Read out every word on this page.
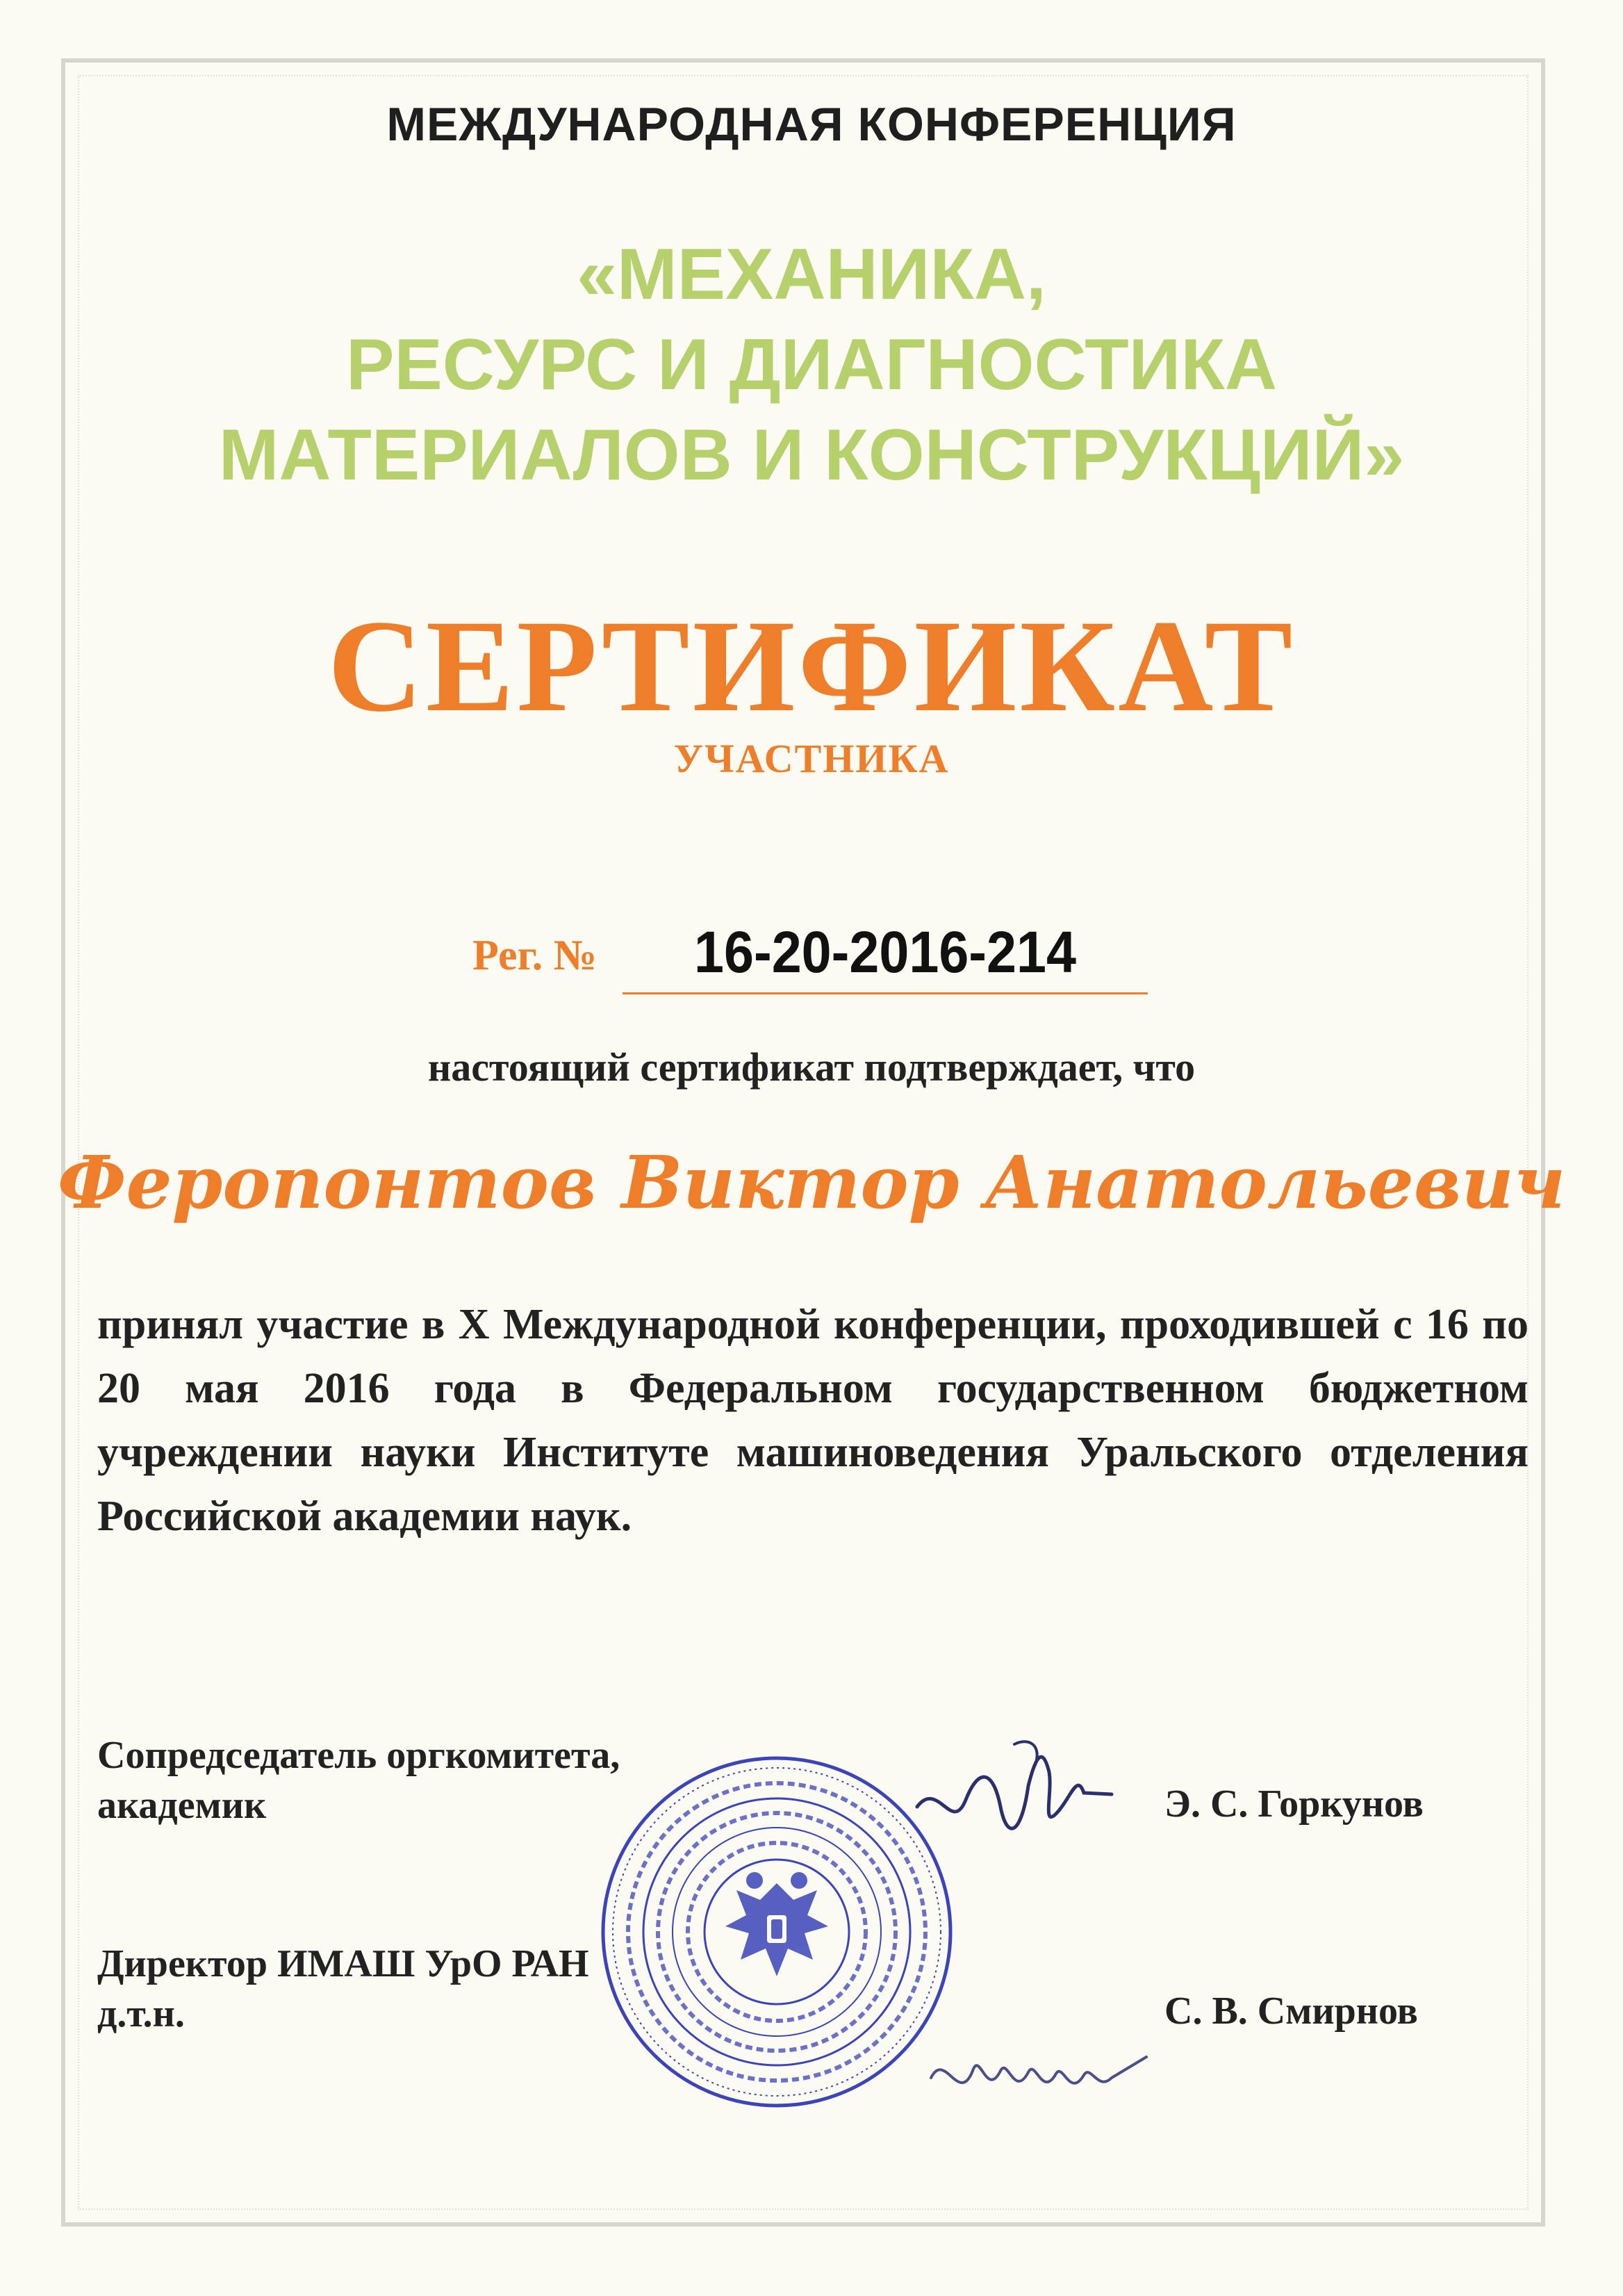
МЕЖДУНАРОДНАЯ КОНФЕРЕНЦИЯ
«МЕХАНИКА,
РЕСУРС И ДИАГНОСТИКА
МАТЕРИАЛОВ И КОНСТРУКЦИЙ»
СЕРТИФИКАТ
УЧАСТНИКА
Рег. №	16-20-2016-214
настоящий сертификат подтверждает, что
Феропонтов Виктор Анатольевич
принял участие в X Международной конференции, проходившей с 16 по 20 мая 2016 года в Федеральном государственном бюджетном учреждении науки Институте машиноведения Уральского отделения Российской академии наук.
Сопредседатель оргкомитета,
академик	Э. С. Горкунов
Директор ИМАШ УрО РАН
д.т.н.	С. В. Смирнов
